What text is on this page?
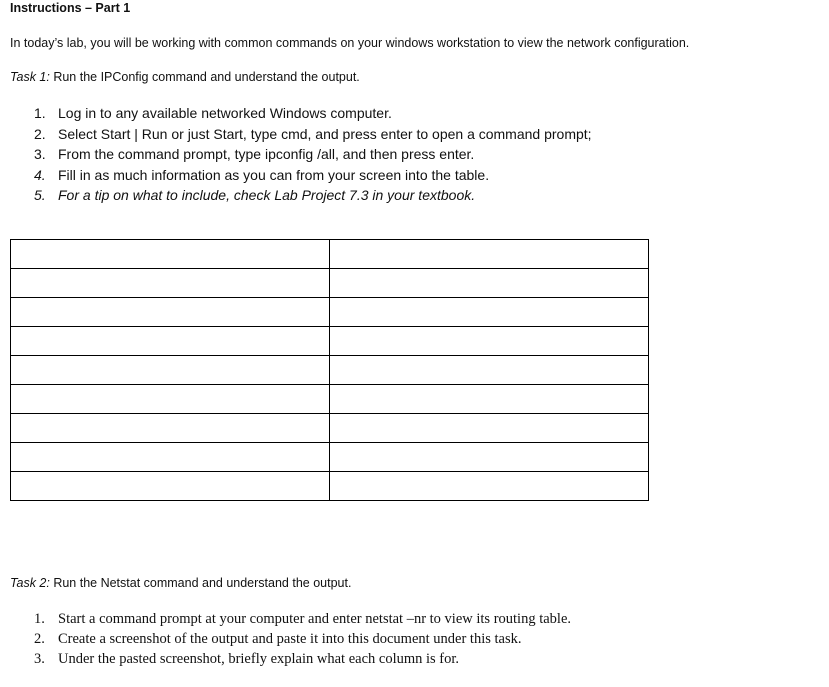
Instructions – Part 1
In today’s lab, you will be working with common commands on your windows workstation to view the network configuration.
Task 1: Run the IPConfig command and understand the output.
1. Log in to any available networked Windows computer.
2. Select Start | Run or just Start, type cmd, and press enter to open a command prompt;
3. From the command prompt, type ipconfig /all, and then press enter.
4. Fill in as much information as you can from your screen into the table.
5. For a tip on what to include, check Lab Project 7.3 in your textbook.

Task 2: Run the Netstat command and understand the output.
1. Start a command prompt at your computer and enter netstat –nr to view its routing table.
2. Create a screenshot of the output and paste it into this document under this task.
3. Under the pasted screenshot, briefly explain what each column is for.
